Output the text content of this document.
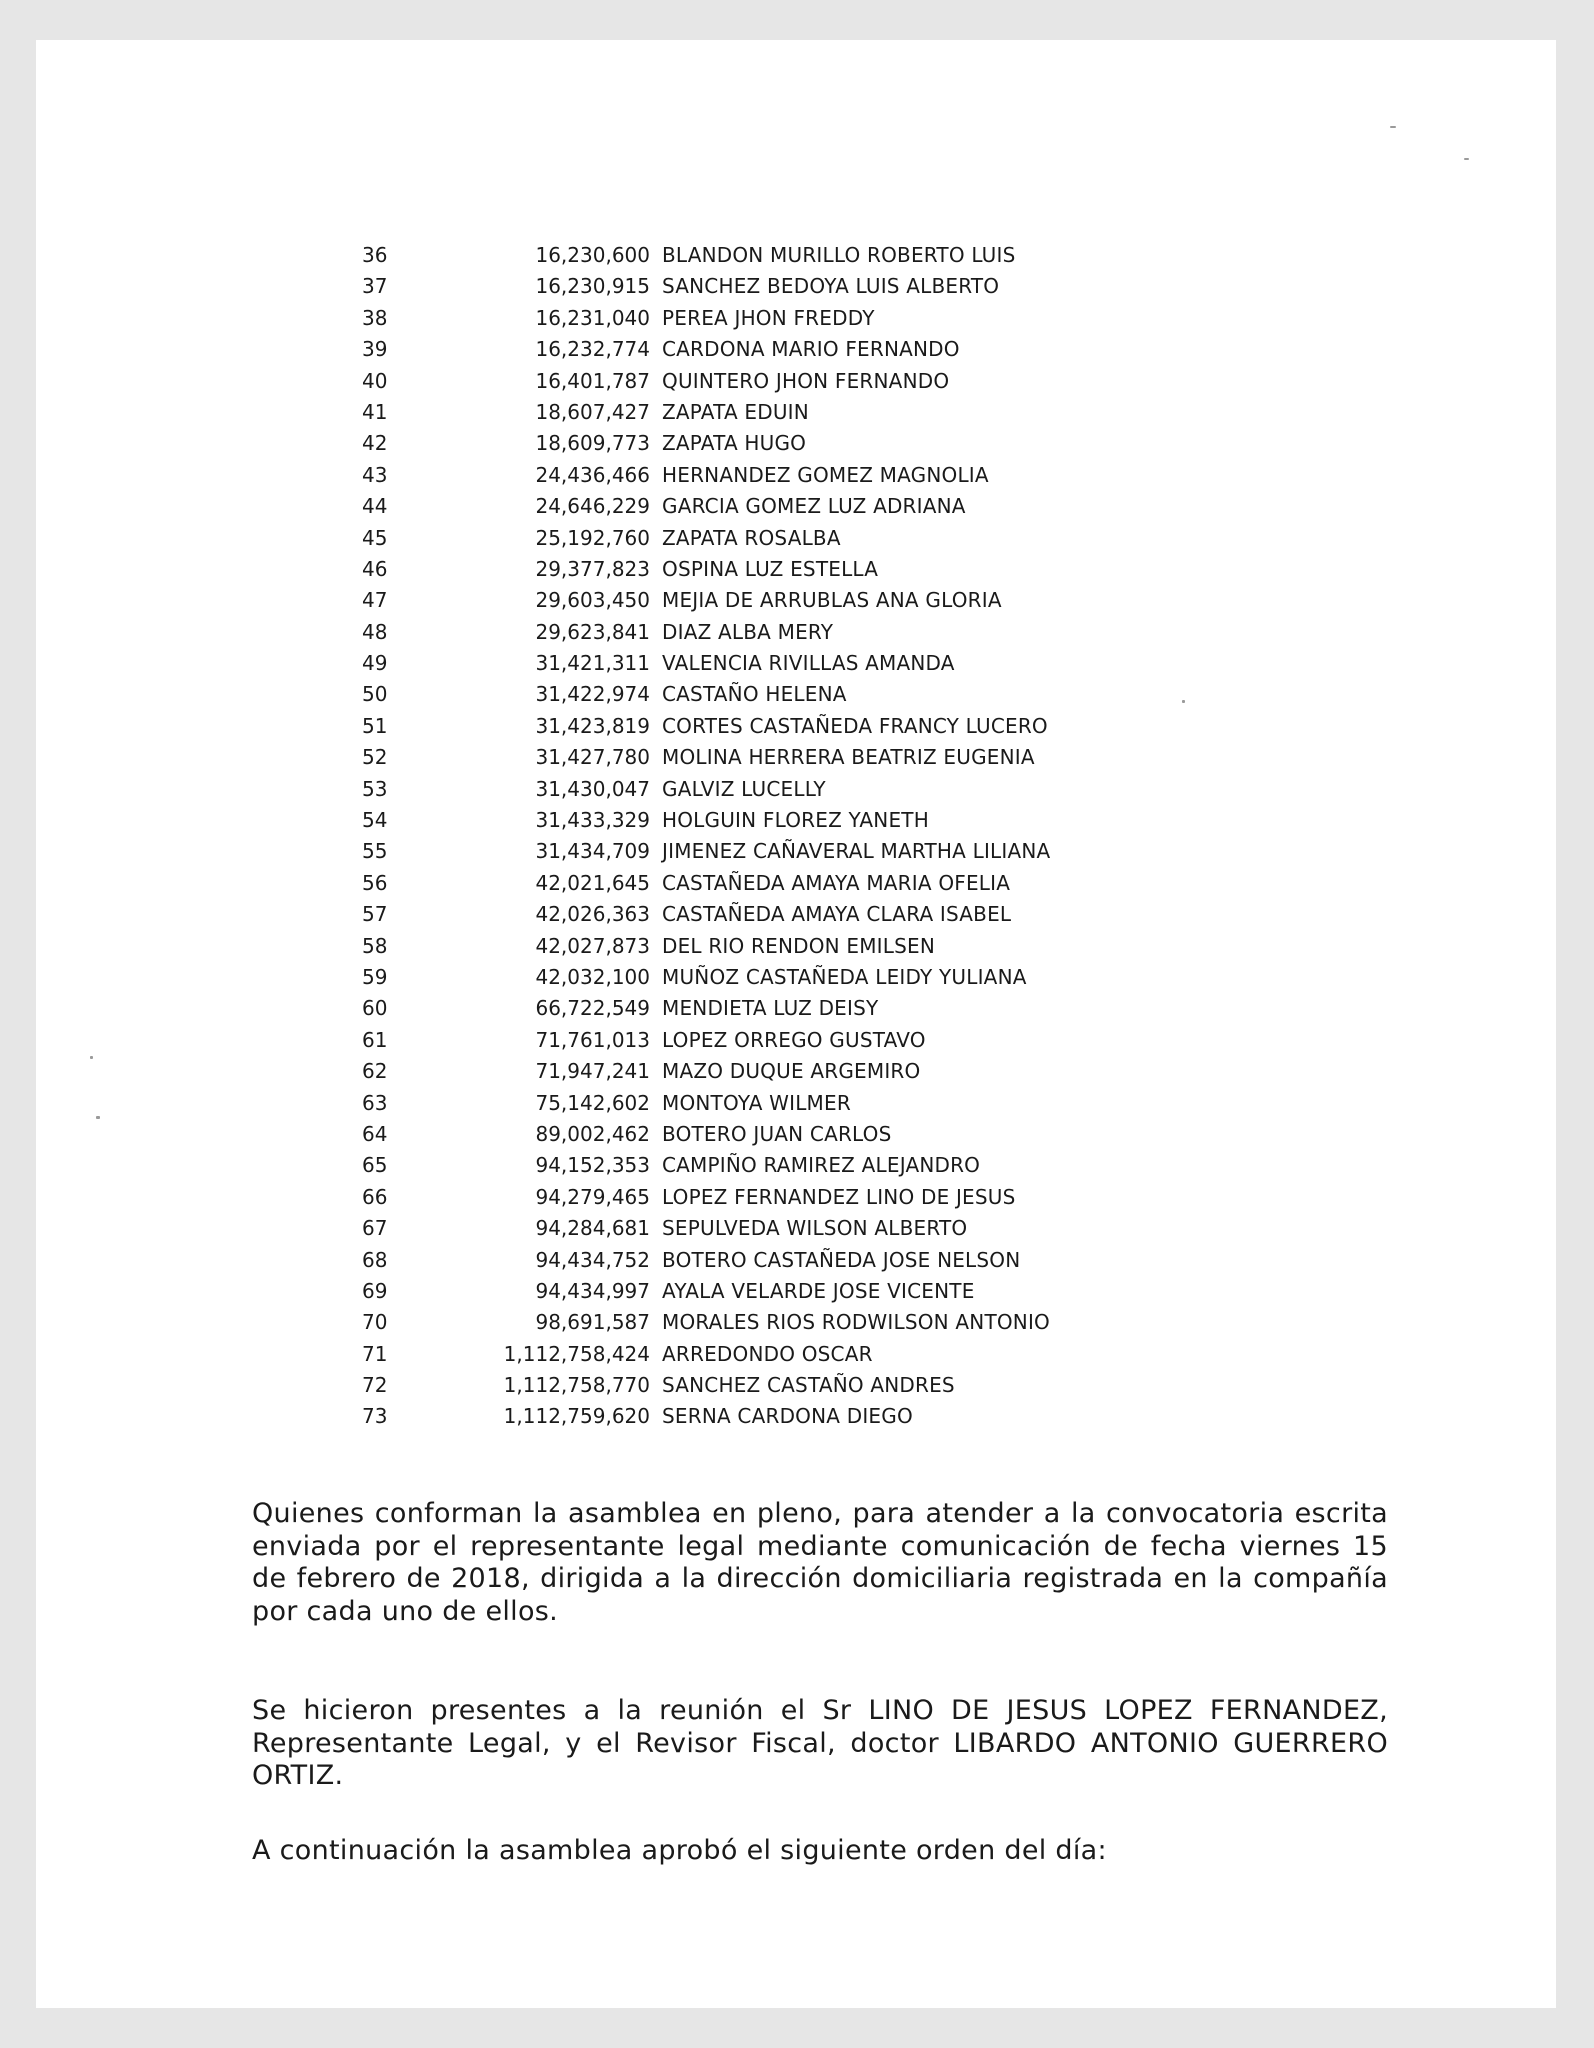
36	16,230,600 BLANDON MURILLO ROBERTO LUIS
37	16,230,915 SANCHEZ BEDOYA LUIS ALBERTO
38	16,231,040 PEREA JHON FREDDY
39	16,232,774 CARDONA MARIO FERNANDO
40	16,401,787 QUINTERO JHON FERNANDO
41	18,607,427 ZAPATA EDUIN
42	18,609,773 ZAPATA HUGO
43	24,436,466 HERNANDEZ GOMEZ MAGNOLIA
44	24,646,229 GARCIA GOMEZ LUZ ADRIANA
45	25,192,760 ZAPATA ROSALBA
46	29,377,823 OSPINA LUZ ESTELLA
47	29,603,450 MEJIA DE ARRUBLAS ANA GLORIA
48	29,623,841 DIAZ ALBA MERY
49	31,421,311 VALENCIA RIVILLAS AMANDA
50	31,422,974 CASTAÑO HELENA
51	31,423,819 CORTES CASTAÑEDA FRANCY LUCERO
52	31,427,780 MOLINA HERRERA BEATRIZ EUGENIA
53	31,430,047 GALVIZ LUCELLY
54	31,433,329 HOLGUIN FLOREZ YANETH
55	31,434,709 JIMENEZ CAÑAVERAL MARTHA LILIANA
56	42,021,645 CASTAÑEDA AMAYA MARIA OFELIA
57	42,026,363 CASTAÑEDA AMAYA CLARA ISABEL
58	42,027,873 DEL RIO RENDON EMILSEN
59	42,032,100 MUÑOZ CASTAÑEDA LEIDY YULIANA
60	66,722,549 MENDIETA LUZ DEISY
61	71,761,013 LOPEZ ORREGO GUSTAVO
62	71,947,241 MAZO DUQUE ARGEMIRO
63	75,142,602 MONTOYA WILMER
64	89,002,462 BOTERO JUAN CARLOS
65	94,152,353 CAMPIÑO RAMIREZ ALEJANDRO
66	94,279,465 LOPEZ FERNANDEZ LINO DE JESUS
67	94,284,681 SEPULVEDA WILSON ALBERTO
68	94,434,752 BOTERO CASTAÑEDA JOSE NELSON
69	94,434,997 AYALA VELARDE JOSE VICENTE
70	98,691,587 MORALES RIOS RODWILSON ANTONIO
71	1,112,758,424 ARREDONDO OSCAR
72	1,112,758,770 SANCHEZ CASTAÑO ANDRES
73	1,112,759,620 SERNA CARDONA DIEGO

Quienes conforman la asamblea en pleno, para atender a la convocatoria escrita enviada por el representante legal mediante comunicación de fecha viernes 15 de febrero de 2018, dirigida a la dirección domiciliaria registrada en la compañía por cada uno de ellos.

Se hicieron presentes a la reunión el Sr LINO DE JESUS LOPEZ FERNANDEZ, Representante Legal, y el Revisor Fiscal, doctor LIBARDO ANTONIO GUERRERO ORTIZ.

A continuación la asamblea aprobó el siguiente orden del día:
